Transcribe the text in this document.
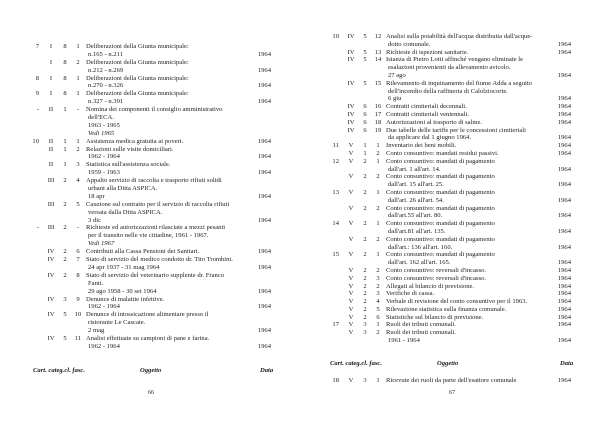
7	I	8	1 Deliberazioni della Giunta municipale:
n.165 - n.211	1964
I	8	2 Deliberazioni della Giunta municipale:
n.212 - n.269	1964
8	I	8	1 Deliberazioni della Giunta municipale:
n.270 - n.326	1964
9	I	8	1 Deliberazioni della Giunta municipale:
n.327 - n.391	1964
-	II	1	-	Nomina dei componenti il consiglio amministrativo
dell'ECA.
1963 - 1965
Vedi 1965
10	II	1	1 Assistenza medica gratuita ai poveri.	1964
II	1	2 Relazioni sulle visite domiciliari.
1962 - 1964	1964
II	1	3 Statistica sull'assistenza sociale.
1959 - 1963	1964
III	2	4 Appalto servizio di raccolta e trasporto rifiuti solidi
urbani alla Ditta ASPICA.
18 apr	1964
III	2	5 Cauzione sul contratto per il servizio di raccolta rifiuti
versata dalla Ditta ASPICA.
3 dic	1964
-	III	2	-	Richieste ed autorizzazioni rilasciate a mezzi pesanti
per il transito nelle vie cittadine, 1961 - 1967.
Vedi 1967
IV	2	6 Contributi alla Cassa Pensioni dei Sanitari.	1964
IV	2	7 Stato di servizio del medico condotto dr. Tito Trombini.
24 apr 1937 - 31 mag 1964	1964
IV	2	8 Stato di servizio del veterinario supplente dr. Franco
Fanti.
29 ago 1958 - 30 set 1964	1964
IV	3	9 Denunce di malattie infettive.
1962 - 1964	1964
IV	5	10 Denunce di intossicazione alimentare presso il
ristorante Le Cascate.
2 mag	1964
IV	5	11 Analisi effettuate su campioni di pane e farina.
1962 - 1964	1964
Cart. categ.cl. fasc.	Oggetto	Data
66
10	IV	5	12 Analisi sulla potabilità dell'acqua distribuita dall'acque-
dotto comunale.	1964
IV	5	13 Richieste di ispezioni sanitarie.	1964
IV	5	14 Istanza di Pietro Lotti affinché vengano eliminate le
esalazioni provenienti da allevamento avicolo.
27 ago	1964
IV	5	15 Rilevamento di inquinamento del fiume Adda a seguito
dell'incendio della raffineria di Calolziocorte.
6 giu	1964
IV	6	16 Contratti cimiteriali decennali.	1964
IV	6	17 Contratti cimiteriali ventennali.	1964
IV	6	18 Autorizzazioni al trasporto di salme.	1964
IV	6	19 Due tabelle delle tariffe per le concessioni cimiteriali
da applicare dal 1 giugno 1964.	1964
11	V	1	1 Inventario dei beni mobili.	1964
V	1	2 Conto consuntivo: mandati residui passivi.	1964
12	V	2	1 Conto consuntivo: mandati di pagamento
dall'art. 1 all'art. 14.	1964
V	2	2 Conto consuntivo: mandati di pagamento
dall'art. 15 all'art. 25.	1964
13	V	2	1 Conto consuntivo: mandati di pagamento
dall'art. 26 all'art. 54.	1964
V	2	2 Conto consuntivo: mandati di pagamento
dall'art.55 all'art. 80.	1964
14	V	2	1 Conto consuntivo: mandati di pagamento
dall'art.81 all'art. 135.	1964
V	2	2 Conto consuntivo: mandati di pagamento
dall'art.: 136 all'art. 160.	1964
15	V	2	1 Conto consuntivo: mandati di pagamento
dall'art. 162 all'art. 165.	1964
V	2	2 Conto consuntivo: reversali d'incasso.	1964
V	2	3 Conto consuntivo: reversali d'incasso.	1964
V	2	2 Allegati al bilancio di previsione.	1964
V	2	3 Verifiche di cassa.	1964
V	2	4 Verbale di revisione del conto consuntivo per il 1963.	1964
V	2	5 Rilevazione statistica sulla finanza comunale.	1964
V	2	6 Statistiche sul bilancio di previsione.	1964
17	V	3	1 Ruoli dei tributi comunali.	1964
V	3	2 Ruoli dei tributi comunali.
1961 - 1964	1964
Cart. categ.cl. fasc.	Oggetto	Data
18	V	3	1 Ricevute dei ruoli da parte dell'esattore comunale	1964
67
